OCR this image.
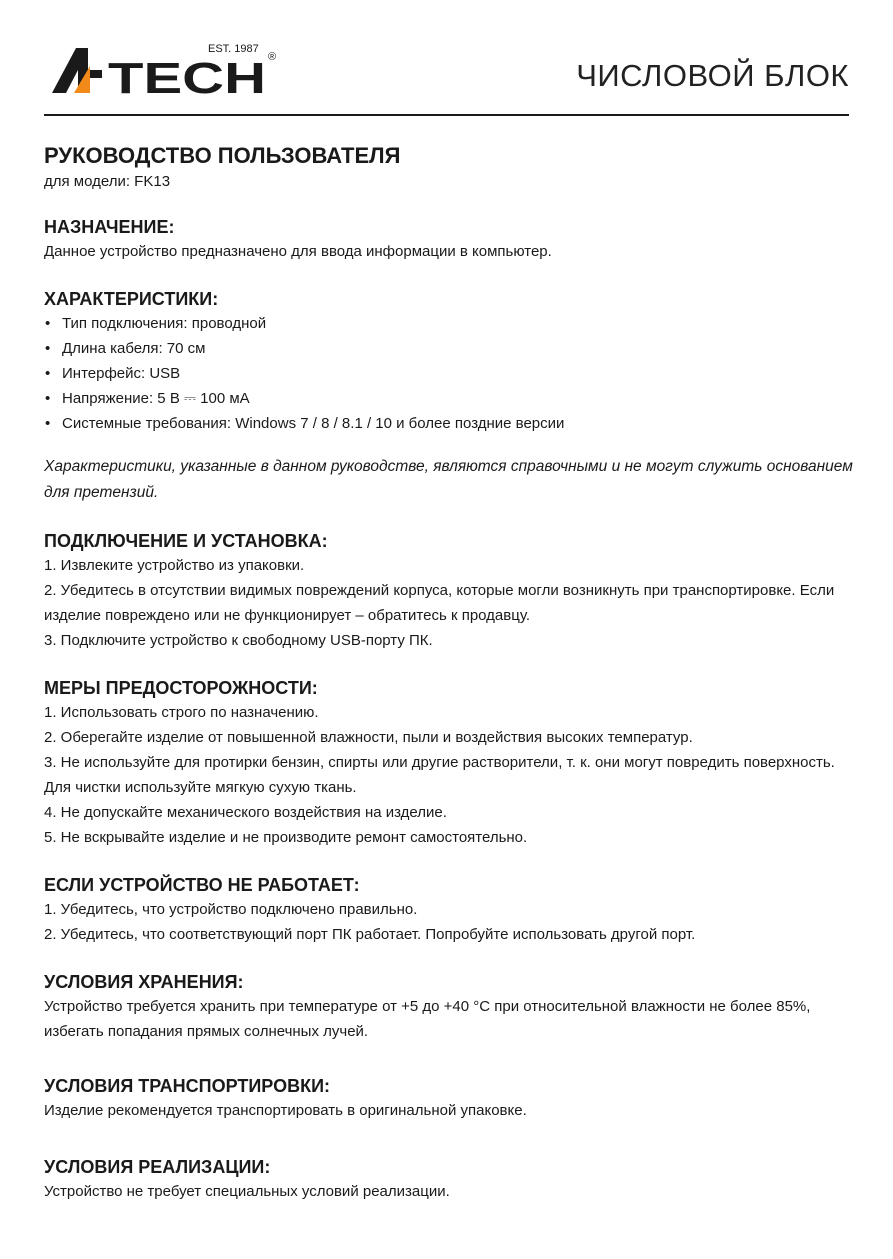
TECH
EST. 1987
®
ЧИСЛОВОЙ БЛОК
РУКОВОДСТВО ПОЛЬЗОВАТЕЛЯ

для модели: FK13

НАЗНАЧЕНИЕ:

Данное устройство предназначено для ввода информации в компьютер.

ХАРАКТЕРИСТИКИ:
• Тип подключения: проводной
• Длина кабеля: 70 см
• Интерфейс: USB
• Напряжение: 5 В ⎓ 100 мА
• Системные требования: Windows 7 / 8 / 8.1 / 10 и более поздние версии

Характеристики, указанные в данном руководстве, являются справочными и не могут служить основанием для претензий.

ПОДКЛЮЧЕНИЕ И УСТАНОВКА:

1. Извлеките устройство из упаковки.

2. Убедитесь в отсутствии видимых повреждений корпуса, которые могли возникнуть при транспортировке. Если изделие повреждено или не функционирует – обратитесь к продавцу.

3. Подключите устройство к свободному USB-порту ПК.

МЕРЫ ПРЕДОСТОРОЖНОСТИ:

1. Использовать строго по назначению.

2. Оберегайте изделие от повышенной влажности, пыли и воздействия высоких температур.

3. Не используйте для протирки бензин, спирты или другие растворители, т. к. они могут повредить поверхность. Для чистки используйте мягкую сухую ткань.

4. Не допускайте механического воздействия на изделие.

5. Не вскрывайте изделие и не производите ремонт самостоятельно.

ЕСЛИ УСТРОЙСТВО НЕ РАБОТАЕТ:

1. Убедитесь, что устройство подключено правильно.

2. Убедитесь, что соответствующий порт ПК работает. Попробуйте использовать другой порт.

УСЛОВИЯ ХРАНЕНИЯ:

Устройство требуется хранить при температуре от +5 до +40 °С при относительной влажности не более 85%, избегать попадания прямых солнечных лучей.

УСЛОВИЯ ТРАНСПОРТИРОВКИ:

Изделие рекомендуется транспортировать в оригинальной упаковке.

УСЛОВИЯ РЕАЛИЗАЦИИ:

Устройство не требует специальных условий реализации.
